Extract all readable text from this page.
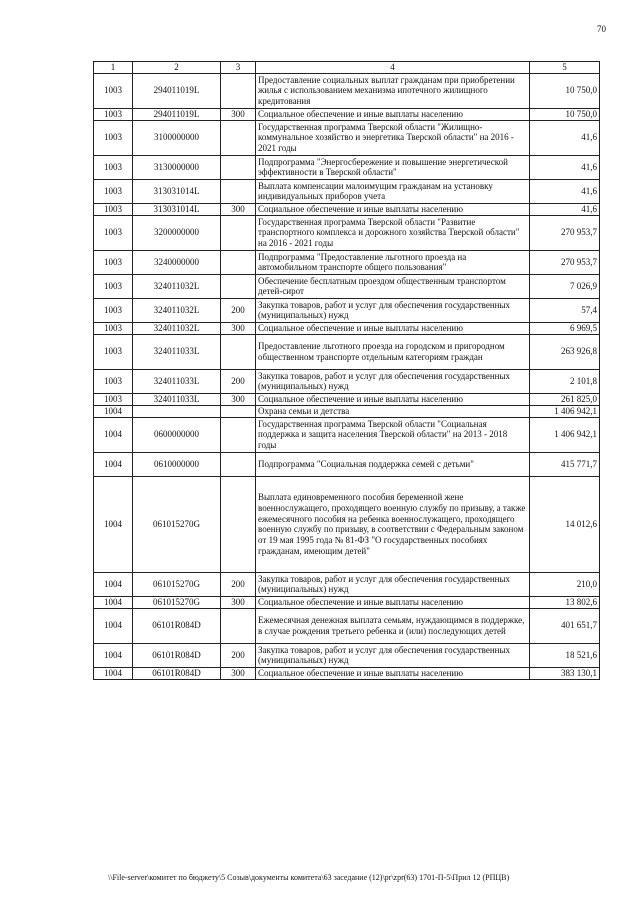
70
1	2	3	4	5
1003	294011019L		Предоставление социальных выплат гражданам при приобретении жилья с использованием механизма ипотечного жилищного кредитования	10 750,0
1003	294011019L	300	Социальное обеспечение и иные выплаты населению	10 750,0
1003	3100000000		Государственная программа Тверской области "Жилищно-коммунальное хозяйство и энергетика Тверской области" на 2016 - 2021 годы	41,6
1003	3130000000		Подпрограмма "Энергосбережение и повышение энергетической эффективности в Тверской области"	41,6
1003	313031014L		Выплата компенсации малоимущим гражданам на установку индивидуальных приборов учета	41,6
1003	313031014L	300	Социальное обеспечение и иные выплаты населению	41,6
1003	3200000000		Государственная программа Тверской области "Развитие транспортного комплекса и дорожного хозяйства Тверской области" на 2016 - 2021 годы	270 953,7
1003	3240000000		Подпрограмма "Предоставление льготного проезда на автомобильном транспорте общего пользования"	270 953,7
1003	324011032L		Обеспечение бесплатным проездом общественным транспортом детей-сирот	7 026,9
1003	324011032L	200	Закупка товаров, работ и услуг для обеспечения государственных (муниципальных) нужд	57,4
1003	324011032L	300	Социальное обеспечение и иные выплаты населению	6 969,5
1003	324011033L		Предоставление льготного проезда на городском и пригородном общественном транспорте отдельным категориям граждан	263 926,8
1003	324011033L	200	Закупка товаров, работ и услуг для обеспечения государственных (муниципальных) нужд	2 101,8
1003	324011033L	300	Социальное обеспечение и иные выплаты населению	261 825,0
1004			Охрана семьи и детства	1 406 942,1
1004	0600000000		Государственная программа Тверской области "Социальная поддержка и защита населения Тверской области" на 2013 - 2018 годы	1 406 942,1
1004	0610000000		Подпрограмма "Социальная поддержка семей с детьми"	415 771,7
1004	061015270G		Выплата единовременного пособия беременной жене военнослужащего, проходящего военную службу по призыву, а также ежемесячного пособия на ребенка военнослужащего, проходящего военную службу по призыву, в соответствии с Федеральным законом от 19 мая 1995 года № 81-ФЗ "О государственных пособиях гражданам, имеющим детей"	14 012,6
1004	061015270G	200	Закупка товаров, работ и услуг для обеспечения государственных (муниципальных) нужд	210,0
1004	061015270G	300	Социальное обеспечение и иные выплаты населению	13 802,6
1004	06101R084D		Ежемесячная денежная выплата семьям, нуждающимся в поддержке, в случае рождения третьего ребенка и (или) последующих детей	401 651,7
1004	06101R084D	200	Закупка товаров, работ и услуг для обеспечения государственных (муниципальных) нужд	18 521,6
1004	06101R084D	300	Социальное обеспечение и иные выплаты населению	383 130,1
\\File-server\комитет по бюджету\5 Созыв\документы комитета\63 заседание (12)\pr\zpr(63) 1701-П-5\Прил 12 (РПЦВ)
